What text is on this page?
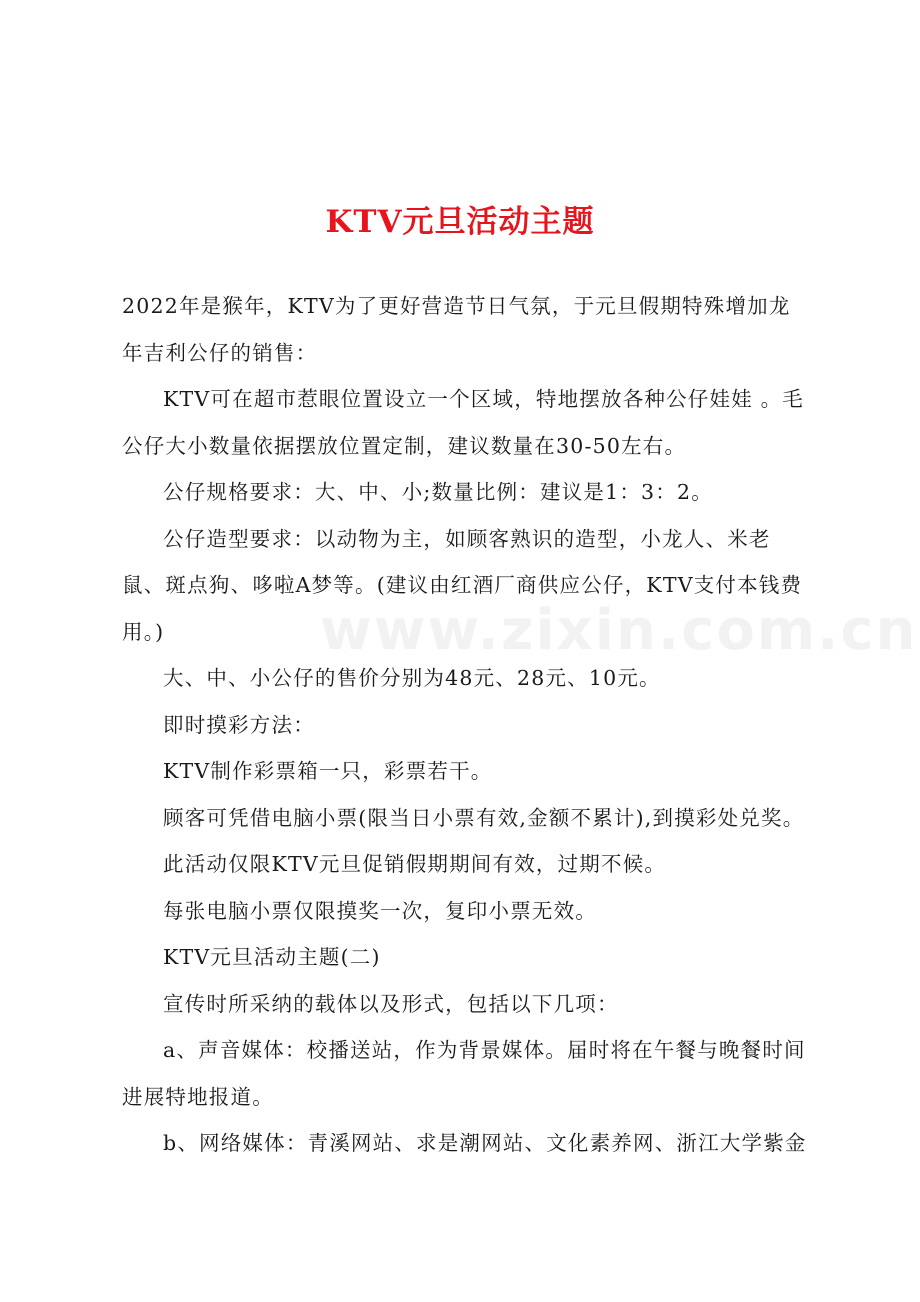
KTV元旦活动主题

2022年是猴年，KTV为了更好营造节日气氛，于元旦假期特殊增加龙年吉利公仔的销售：

KTV可在超市惹眼位置设立一个区域，特地摆放各种公仔娃娃 。毛公仔大小数量依据摆放位置定制，建议数量在30-50左右。

公仔规格要求：大、中、小;数量比例：建议是1：3：2。

公仔造型要求：以动物为主，如顾客熟识的造型，小龙人、米老鼠、斑点狗、哆啦A梦等。(建议由红酒厂商供应公仔，KTV支付本钱费用。)

大、中、小公仔的售价分别为48元、28元、10元。

即时摸彩方法：

KTV制作彩票箱一只，彩票若干。

顾客可凭借电脑小票(限当日小票有效,金额不累计),到摸彩处兑奖。

此活动仅限KTV元旦促销假期期间有效，过期不候。

每张电脑小票仅限摸奖一次，复印小票无效。

KTV元旦活动主题(二)

宣传时所采纳的载体以及形式，包括以下几项：

a、声音媒体：校播送站，作为背景媒体。届时将在午餐与晚餐时间进展特地报道。

b、网络媒体：青溪网站、求是潮网站、文化素养网、浙江大学紫金

www.zixin.com.cn
